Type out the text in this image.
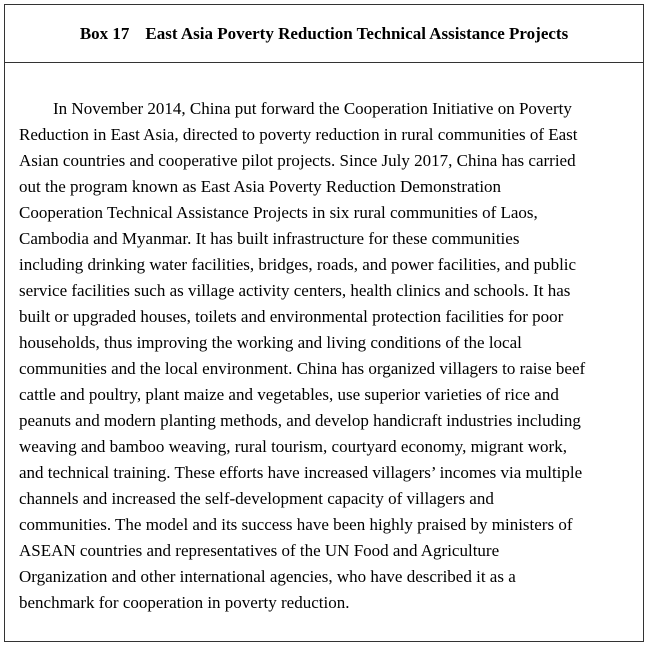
Box 17 East Asia Poverty Reduction Technical Assistance Projects
In November 2014, China put forward the Cooperation Initiative on Poverty
Reduction in East Asia, directed to poverty reduction in rural communities of East
Asian countries and cooperative pilot projects. Since July 2017, China has carried
out the program known as East Asia Poverty Reduction Demonstration
Cooperation Technical Assistance Projects in six rural communities of Laos,
Cambodia and Myanmar. It has built infrastructure for these communities
including drinking water facilities, bridges, roads, and power facilities, and public
service facilities such as village activity centers, health clinics and schools. It has
built or upgraded houses, toilets and environmental protection facilities for poor
households, thus improving the working and living conditions of the local
communities and the local environment. China has organized villagers to raise beef
cattle and poultry, plant maize and vegetables, use superior varieties of rice and
peanuts and modern planting methods, and develop handicraft industries including
weaving and bamboo weaving, rural tourism, courtyard economy, migrant work,
and technical training. These efforts have increased villagers’ incomes via multiple
channels and increased the self-development capacity of villagers and
communities. The model and its success have been highly praised by ministers of
ASEAN countries and representatives of the UN Food and Agriculture
Organization and other international agencies, who have described it as a
benchmark for cooperation in poverty reduction.
